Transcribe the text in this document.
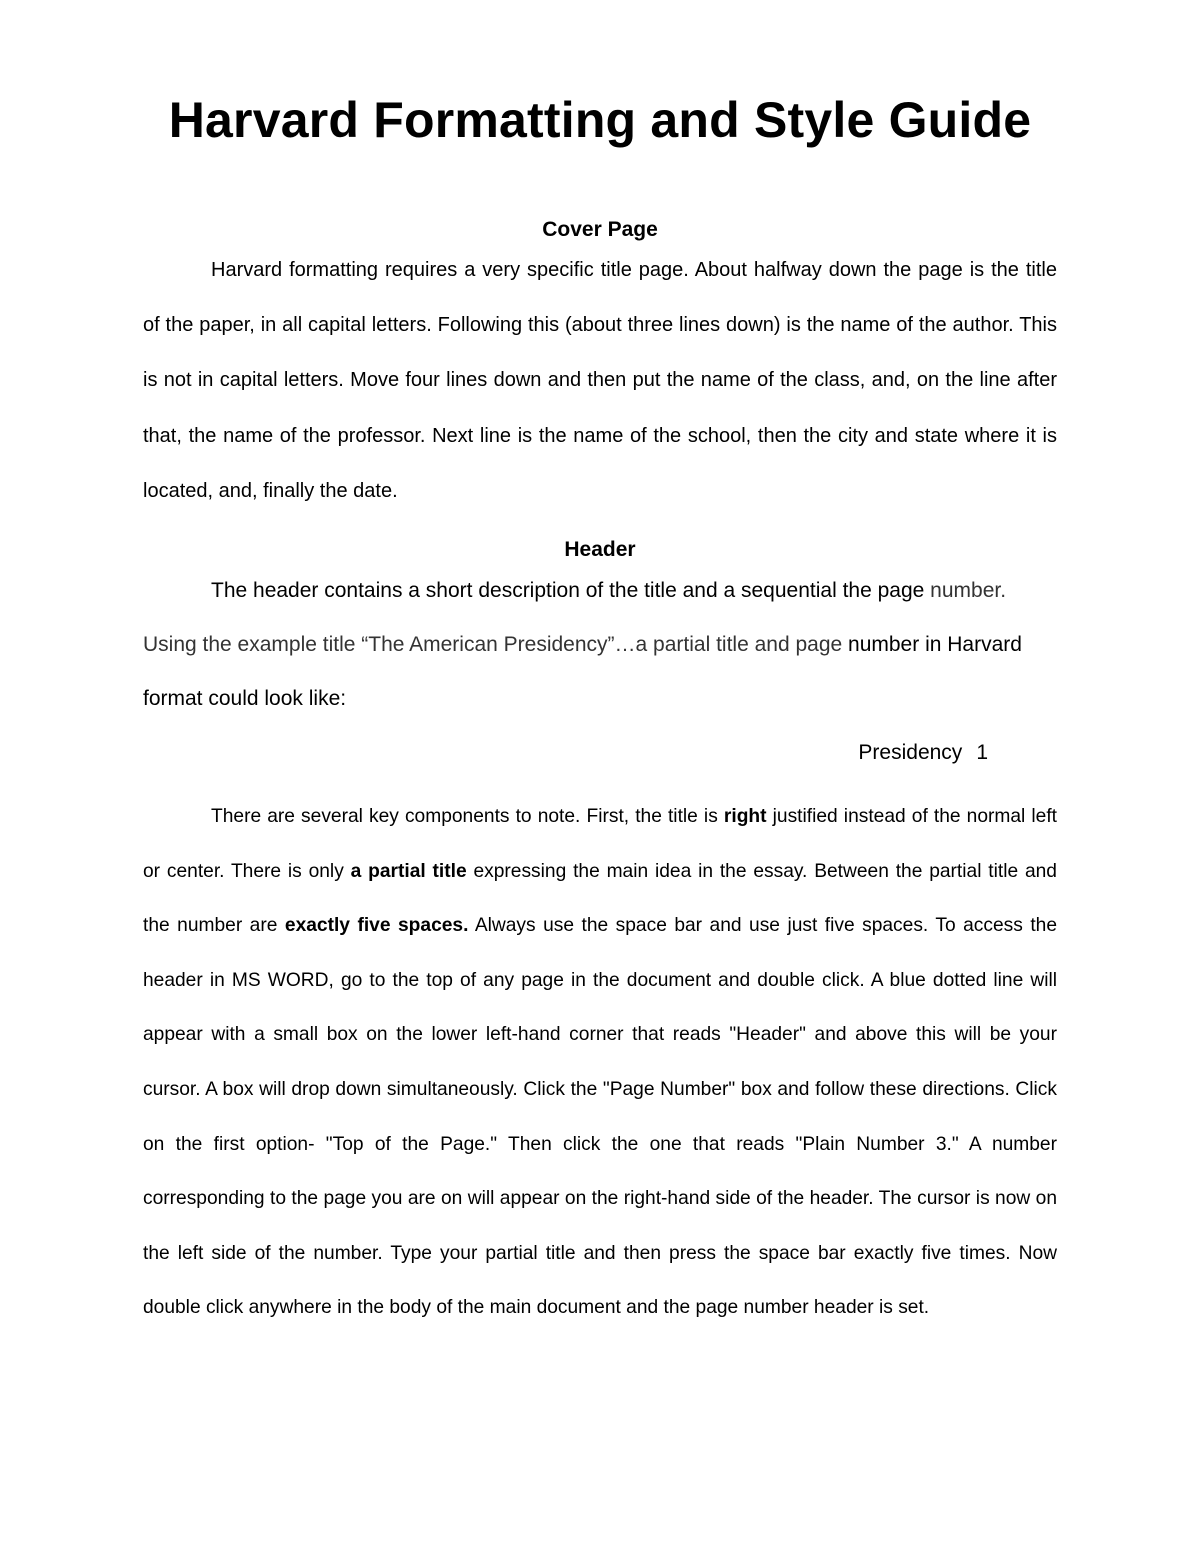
Harvard Formatting and Style Guide
Cover Page

Harvard formatting requires a very specific title page. About halfway down the page is the title of the paper, in all capital letters. Following this (about three lines down) is the name of the author. This is not in capital letters. Move four lines down and then put the name of the class, and, on the line after that, the name of the professor. Next line is the name of the school, then the city and state where it is located, and, finally the date.

Header

The header contains a short description of the title and a sequential the page number. Using the example title “The American Presidency”…a partial title and page number in Harvard format could look like:

Presidency 1

There are several key components to note. First, the title is right justified instead of the normal left or center. There is only a partial title expressing the main idea in the essay. Between the partial title and the number are exactly five spaces. Always use the space bar and use just five spaces. To access the header in MS WORD, go to the top of any page in the document and double click. A blue dotted line will appear with a small box on the lower left-hand corner that reads "Header" and above this will be your cursor. A box will drop down simultaneously. Click the "Page Number" box and follow these directions. Click on the first option- "Top of the Page." Then click the one that reads "Plain Number 3." A number corresponding to the page you are on will appear on the right-hand side of the header. The cursor is now on the left side of the number. Type your partial title and then press the space bar exactly five times. Now double click anywhere in the body of the main document and the page number header is set.
